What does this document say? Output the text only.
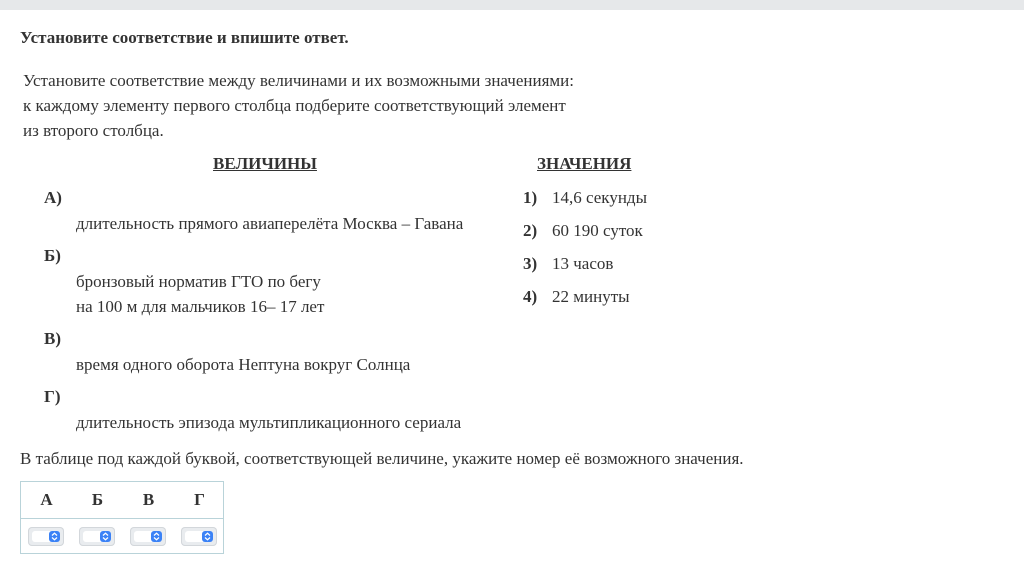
Установите соответствие и впишите ответ.
Установите соответствие между величинами и их возможными значениями:
к каждому элементу первого столбца подберите соответствующий элемент
из второго столбца.
ВЕЛИЧИНЫ	ЗНАЧЕНИЯ
А)
длительность прямого авиаперелёта Москва – Гавана
Б)
бронзовый норматив ГТО по бегу
на 100 м для мальчиков 16– 17 лет
В)
время одного оборота Нептуна вокруг Солнца
Г)
длительность эпизода мультипликационного сериала
1) 14,6 секунды
2) 60 190 суток
3) 13 часов
4) 22 минуты
В таблице под каждой буквой, соответствующей величине, укажите номер её возможного значения.
А	Б	В	Г
